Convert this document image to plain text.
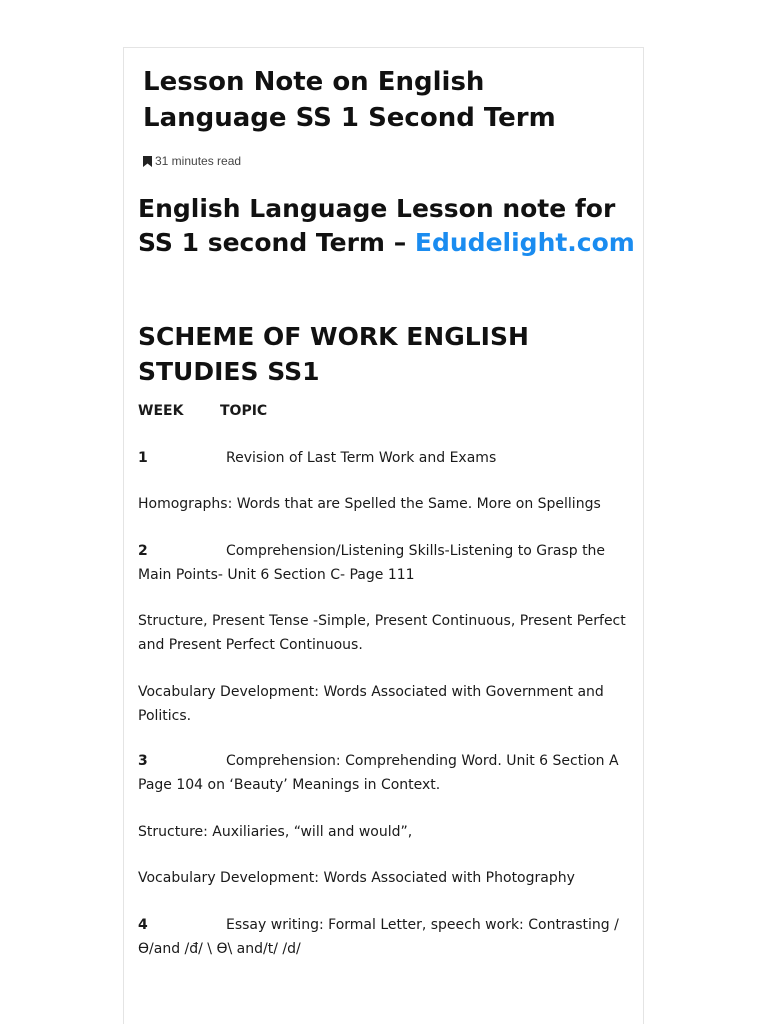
Lesson Note on English Language SS 1 Second Term
31 minutes read
English Language Lesson note for SS 1 second Term – Edudelight.com
SCHEME OF WORK ENGLISH STUDIES SS1

WEEK	TOPIC

1	Revision of Last Term Work and Exams

Homographs: Words that are Spelled the Same. More on Spellings

2	Comprehension/Listening Skills-Listening to Grasp the Main Points- Unit 6 Section C- Page 111

Structure, Present Tense -Simple, Present Continuous, Present Perfect and Present Perfect Continuous.

Vocabulary Development: Words Associated with Government and Politics.

3	Comprehension: Comprehending Word. Unit 6 Section A Page 104 on ‘Beauty’ Meanings in Context.

Structure: Auxiliaries, “will and would”,

Vocabulary Development: Words Associated with Photography

4	Essay writing: Formal Letter, speech work: Contrasting / Ɵ/and /đ/ \ Ɵ\ and/t/ /d/
